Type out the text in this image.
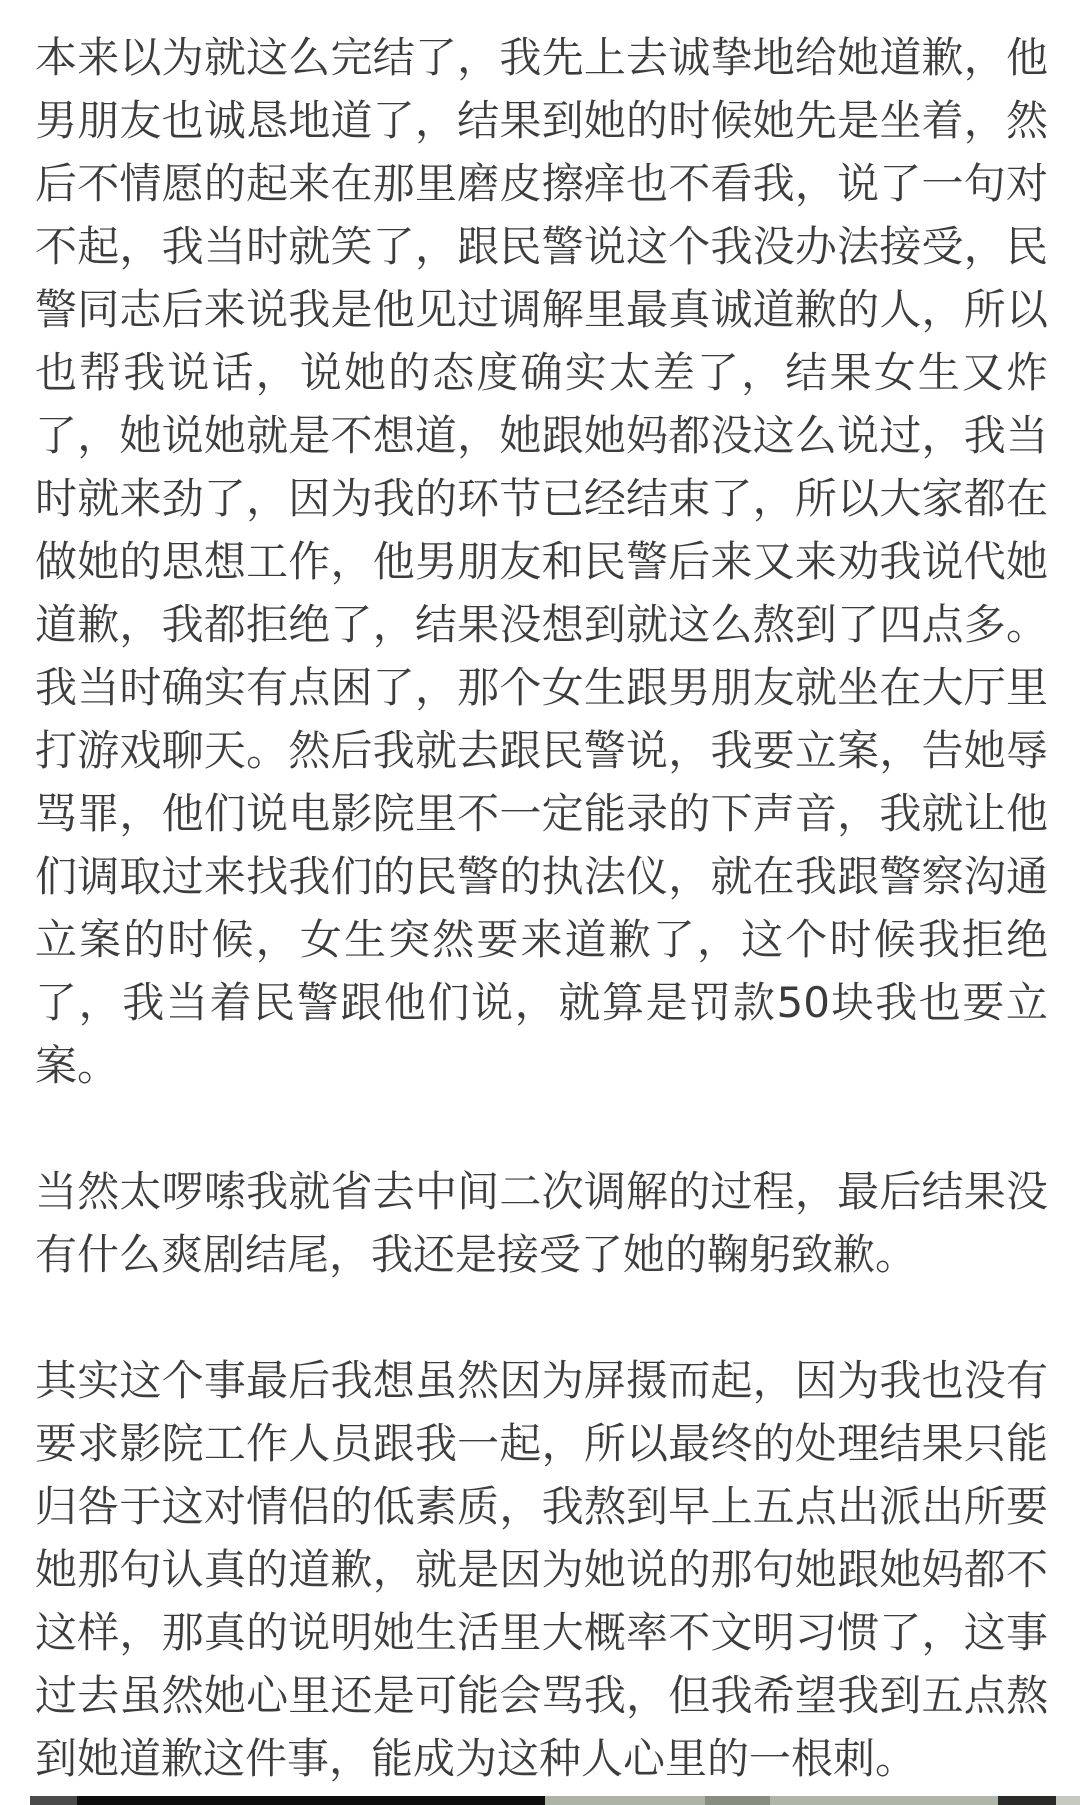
本来以为就这么完结了，我先上去诚挚地给她道歉，他
男朋友也诚恳地道了，结果到她的时候她先是坐着，然
后不情愿的起来在那里磨皮擦痒也不看我，说了一句对
不起，我当时就笑了，跟民警说这个我没办法接受，民
警同志后来说我是他见过调解里最真诚道歉的人，所以
也帮我说话，说她的态度确实太差了，结果女生又炸
了，她说她就是不想道，她跟她妈都没这么说过，我当
时就来劲了，因为我的环节已经结束了，所以大家都在
做她的思想工作，他男朋友和民警后来又来劝我说代她
道歉，我都拒绝了，结果没想到就这么熬到了四点多。
我当时确实有点困了，那个女生跟男朋友就坐在大厅里
打游戏聊天。然后我就去跟民警说，我要立案，告她辱
骂罪，他们说电影院里不一定能录的下声音，我就让他
们调取过来找我们的民警的执法仪，就在我跟警察沟通
立案的时候，女生突然要来道歉了，这个时候我拒绝
了，我当着民警跟他们说，就算是罚款50块我也要立
案。
当然太啰嗦我就省去中间二次调解的过程，最后结果没
有什么爽剧结尾，我还是接受了她的鞠躬致歉。
其实这个事最后我想虽然因为屏摄而起，因为我也没有
要求影院工作人员跟我一起，所以最终的处理结果只能
归咎于这对情侣的低素质，我熬到早上五点出派出所要
她那句认真的道歉，就是因为她说的那句她跟她妈都不
这样，那真的说明她生活里大概率不文明习惯了，这事
过去虽然她心里还是可能会骂我，但我希望我到五点熬
到她道歉这件事，能成为这种人心里的一根刺。
